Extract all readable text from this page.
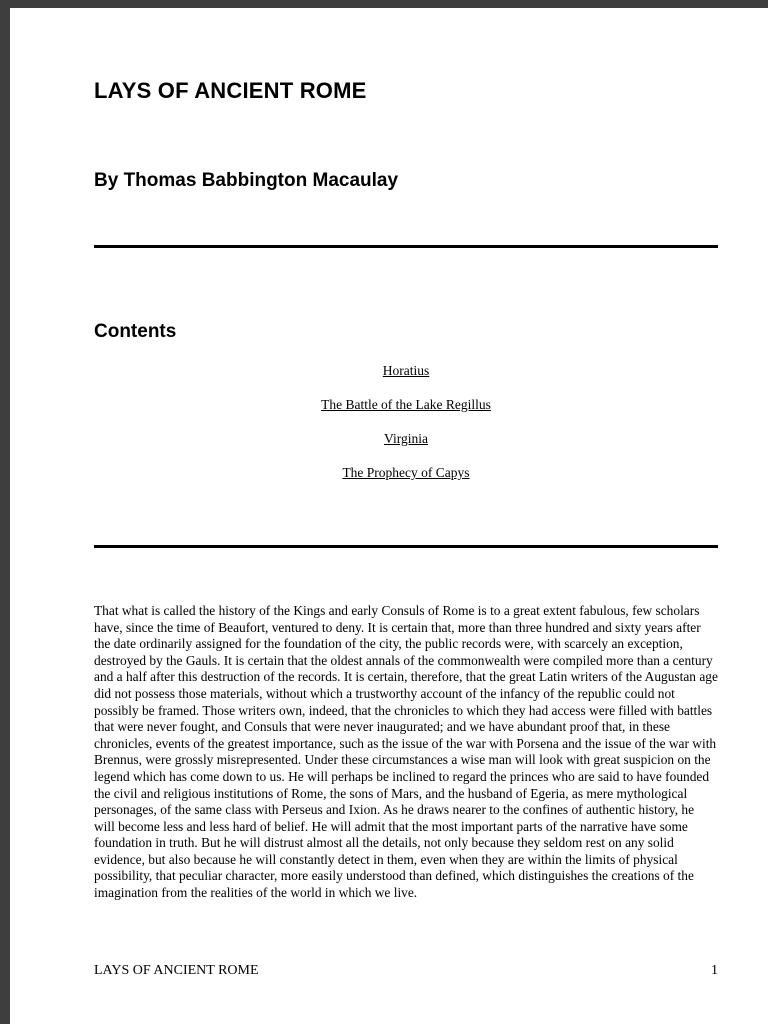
LAYS OF ANCIENT ROME
By Thomas Babbington Macaulay
Contents
Horatius
The Battle of the Lake Regillus
Virginia
The Prophecy of Capys

That what is called the history of the Kings and early Consuls of Rome is to a great extent fabulous, few scholars have, since the time of Beaufort, ventured to deny. It is certain that, more than three hundred and sixty years after the date ordinarily assigned for the foundation of the city, the public records were, with scarcely an exception, destroyed by the Gauls. It is certain that the oldest annals of the commonwealth were compiled more than a century and a half after this destruction of the records. It is certain, therefore, that the great Latin writers of the Augustan age did not possess those materials, without which a trustworthy account of the infancy of the republic could not possibly be framed. Those writers own, indeed, that the chronicles to which they had access were filled with battles that were never fought, and Consuls that were never inaugurated; and we have abundant proof that, in these chronicles, events of the greatest importance, such as the issue of the war with Porsena and the issue of the war with Brennus, were grossly misrepresented. Under these circumstances a wise man will look with great suspicion on the legend which has come down to us. He will perhaps be inclined to regard the princes who are said to have founded the civil and religious institutions of Rome, the sons of Mars, and the husband of Egeria, as mere mythological personages, of the same class with Perseus and Ixion. As he draws nearer to the confines of authentic history, he will become less and less hard of belief. He will admit that the most important parts of the narrative have some foundation in truth. But he will distrust almost all the details, not only because they seldom rest on any solid evidence, but also because he will constantly detect in them, even when they are within the limits of physical possibility, that peculiar character, more easily understood than defined, which distinguishes the creations of the imagination from the realities of the world in which we live.

LAYS OF ANCIENT ROME	1
